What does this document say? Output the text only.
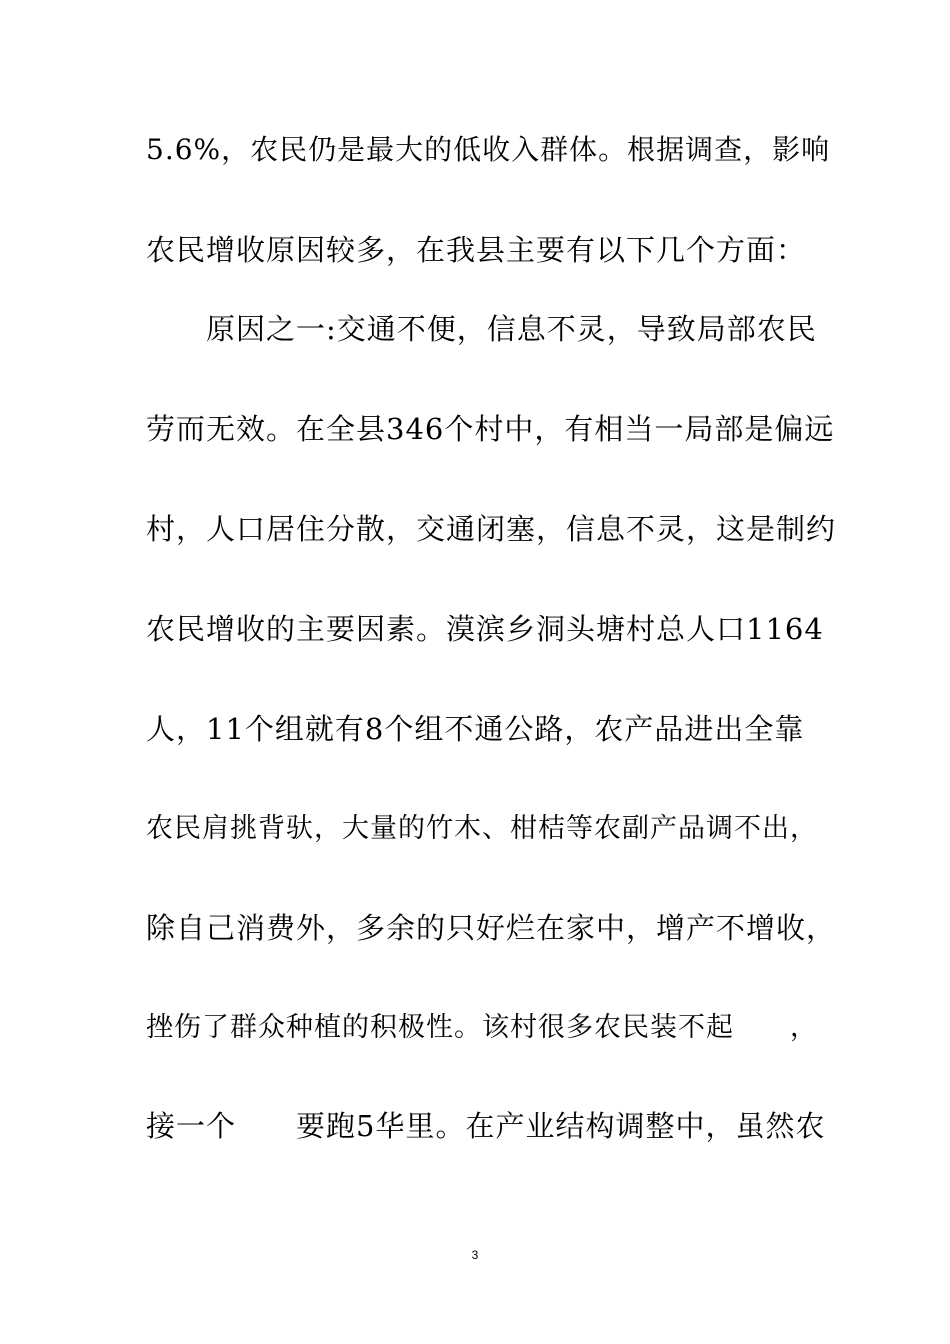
5.6%，农民仍是最大的低收入群体。根据调查，影响
农民增收原因较多，在我县主要有以下几个方面：
　　原因之一:交通不便，信息不灵，导致局部农民
劳而无效。在全县346个村中，有相当一局部是偏远
村，人口居住分散，交通闭塞，信息不灵，这是制约
农民增收的主要因素。漠滨乡洞头塘村总人口1164
人，11个组就有8个组不通公路，农产品进出全靠
农民肩挑背驮，大量的竹木、柑桔等农副产品调不出，
除自己消费外，多余的只好烂在家中，增产不增收，
挫伤了群众种植的积极性。该村很多农民装不起　　，
接一个　　要跑5华里。在产业结构调整中，虽然农
3
